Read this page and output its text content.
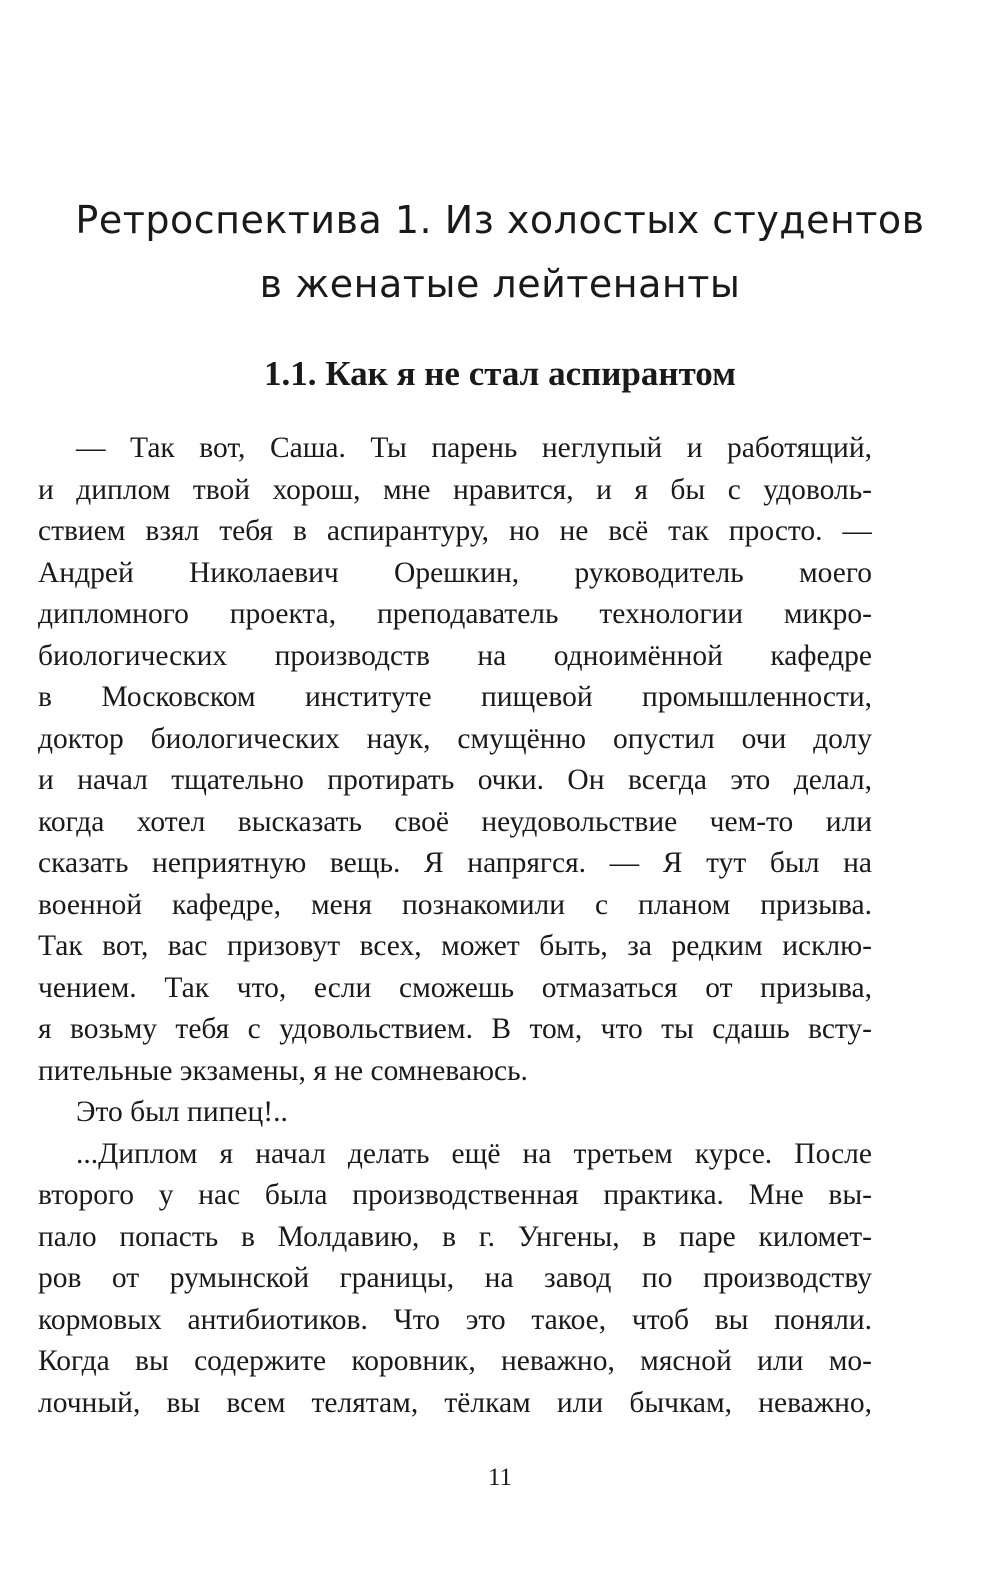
Ретроспектива 1. Из холостых студентов
в женатые лейтенанты
1.1. Как я не стал аспирантом
— Так вот, Саша. Ты парень неглупый и работящий,
и диплом твой хорош, мне нравится, и я бы с удоволь-
ствием взял тебя в аспирантуру, но не всё так просто. —
Андрей Николаевич Орешкин, руководитель моего
дипломного проекта, преподаватель технологии микро-
биологических производств на одноимённой кафедре
в Московском институте пищевой промышленности,
доктор биологических наук, смущённо опустил очи долу
и начал тщательно протирать очки. Он всегда это делал,
когда хотел высказать своё неудовольствие чем-то или
сказать неприятную вещь. Я напрягся. — Я тут был на
военной кафедре, меня познакомили с планом призыва.
Так вот, вас призовут всех, может быть, за редким исклю-
чением. Так что, если сможешь отмазаться от призыва,
я возьму тебя с удовольствием. В том, что ты сдашь всту-
пительные экзамены, я не сомневаюсь.
Это был пипец!..
...Диплом я начал делать ещё на третьем курсе. После
второго у нас была производственная практика. Мне вы-
пало попасть в Молдавию, в г. Унгены, в паре километ-
ров от румынской границы, на завод по производству
кормовых антибиотиков. Что это такое, чтоб вы поняли.
Когда вы содержите коровник, неважно, мясной или мо-
лочный, вы всем телятам, тёлкам или бычкам, неважно,
11
